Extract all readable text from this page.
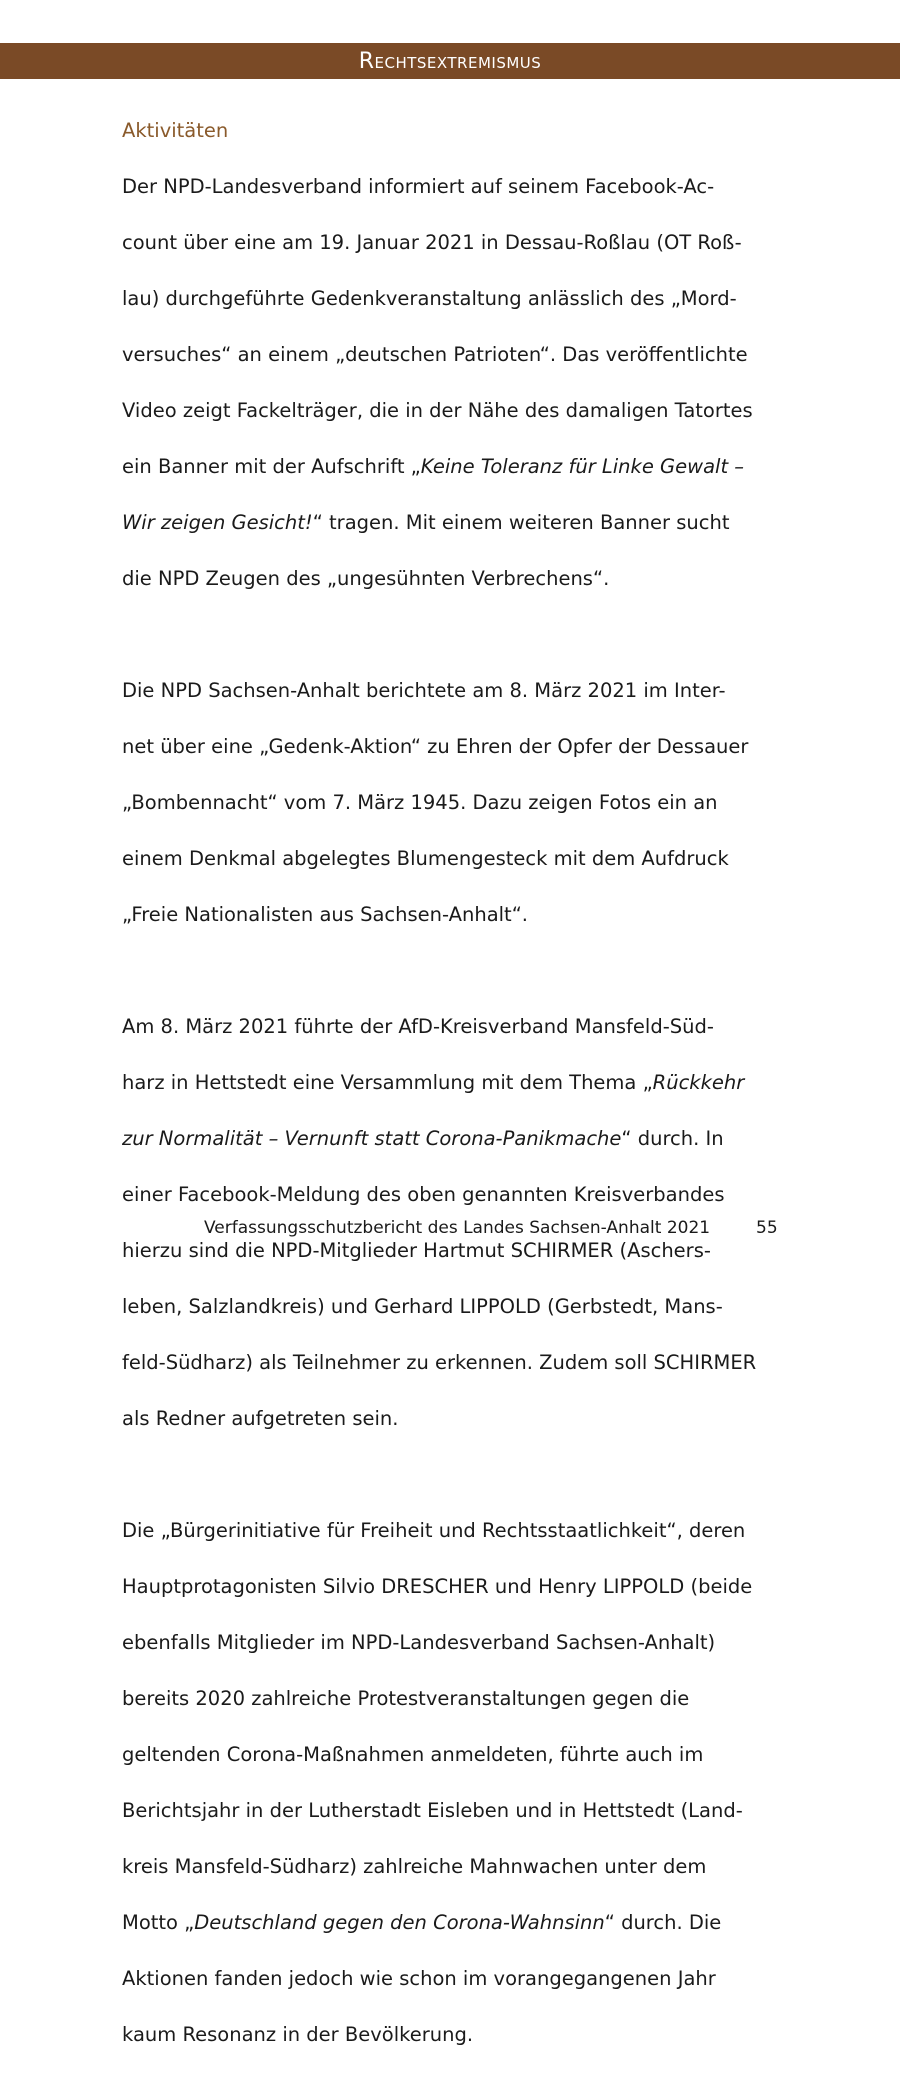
Rechtsextremismus
Aktivitäten

Der NPD-Landesverband informiert auf seinem Facebook-Ac-

count über eine am 19. Januar 2021 in Dessau-Roßlau (OT Roß-

lau) durchgeführte Gedenkveranstaltung anlässlich des „Mord-

versuches“ an einem „deutschen Patrioten“. Das veröffentlichte

Video zeigt Fackelträger, die in der Nähe des damaligen Tatortes

ein Banner mit der Aufschrift „Keine Toleranz für Linke Gewalt –

Wir zeigen Gesicht!“ tragen. Mit einem weiteren Banner sucht

die NPD Zeugen des „ungesühnten Verbrechens“.

Die NPD Sachsen-Anhalt berichtete am 8. März 2021 im Inter-

net über eine „Gedenk-Aktion“ zu Ehren der Opfer der Dessauer

„Bombennacht“ vom 7. März 1945. Dazu zeigen Fotos ein an

einem Denkmal abgelegtes Blumengesteck mit dem Aufdruck

„Freie Nationalisten aus Sachsen-Anhalt“.

Am 8. März 2021 führte der AfD-Kreisverband Mansfeld-Süd-

harz in Hettstedt eine Versammlung mit dem Thema „Rückkehr

zur Normalität – Vernunft statt Corona-Panikmache“ durch. In

einer Facebook-Meldung des oben genannten Kreisverbandes

hierzu sind die NPD-Mitglieder Hartmut SCHIRMER (Aschers-

leben, Salzlandkreis) und Gerhard LIPPOLD (Gerbstedt, Mans-

feld-Südharz) als Teilnehmer zu erkennen. Zudem soll SCHIRMER

als Redner aufgetreten sein.

Die „Bürgerinitiative für Freiheit und Rechtsstaatlichkeit“, deren

Hauptprotagonisten Silvio DRESCHER und Henry LIPPOLD (beide

ebenfalls Mitglieder im NPD-Landesverband Sachsen-Anhalt)

bereits 2020 zahlreiche Protestveranstaltungen gegen die

geltenden Corona-Maßnahmen anmeldeten, führte auch im

Berichtsjahr in der Lutherstadt Eisleben und in Hettstedt (Land-

kreis Mansfeld-Südharz) zahlreiche Mahnwachen unter dem

Motto „Deutschland gegen den Corona-Wahnsinn“ durch. Die

Aktionen fanden jedoch wie schon im vorangegangenen Jahr

kaum Resonanz in der Bevölkerung.

Verfassungsschutzbericht des Landes Sachsen-Anhalt 2021	55
